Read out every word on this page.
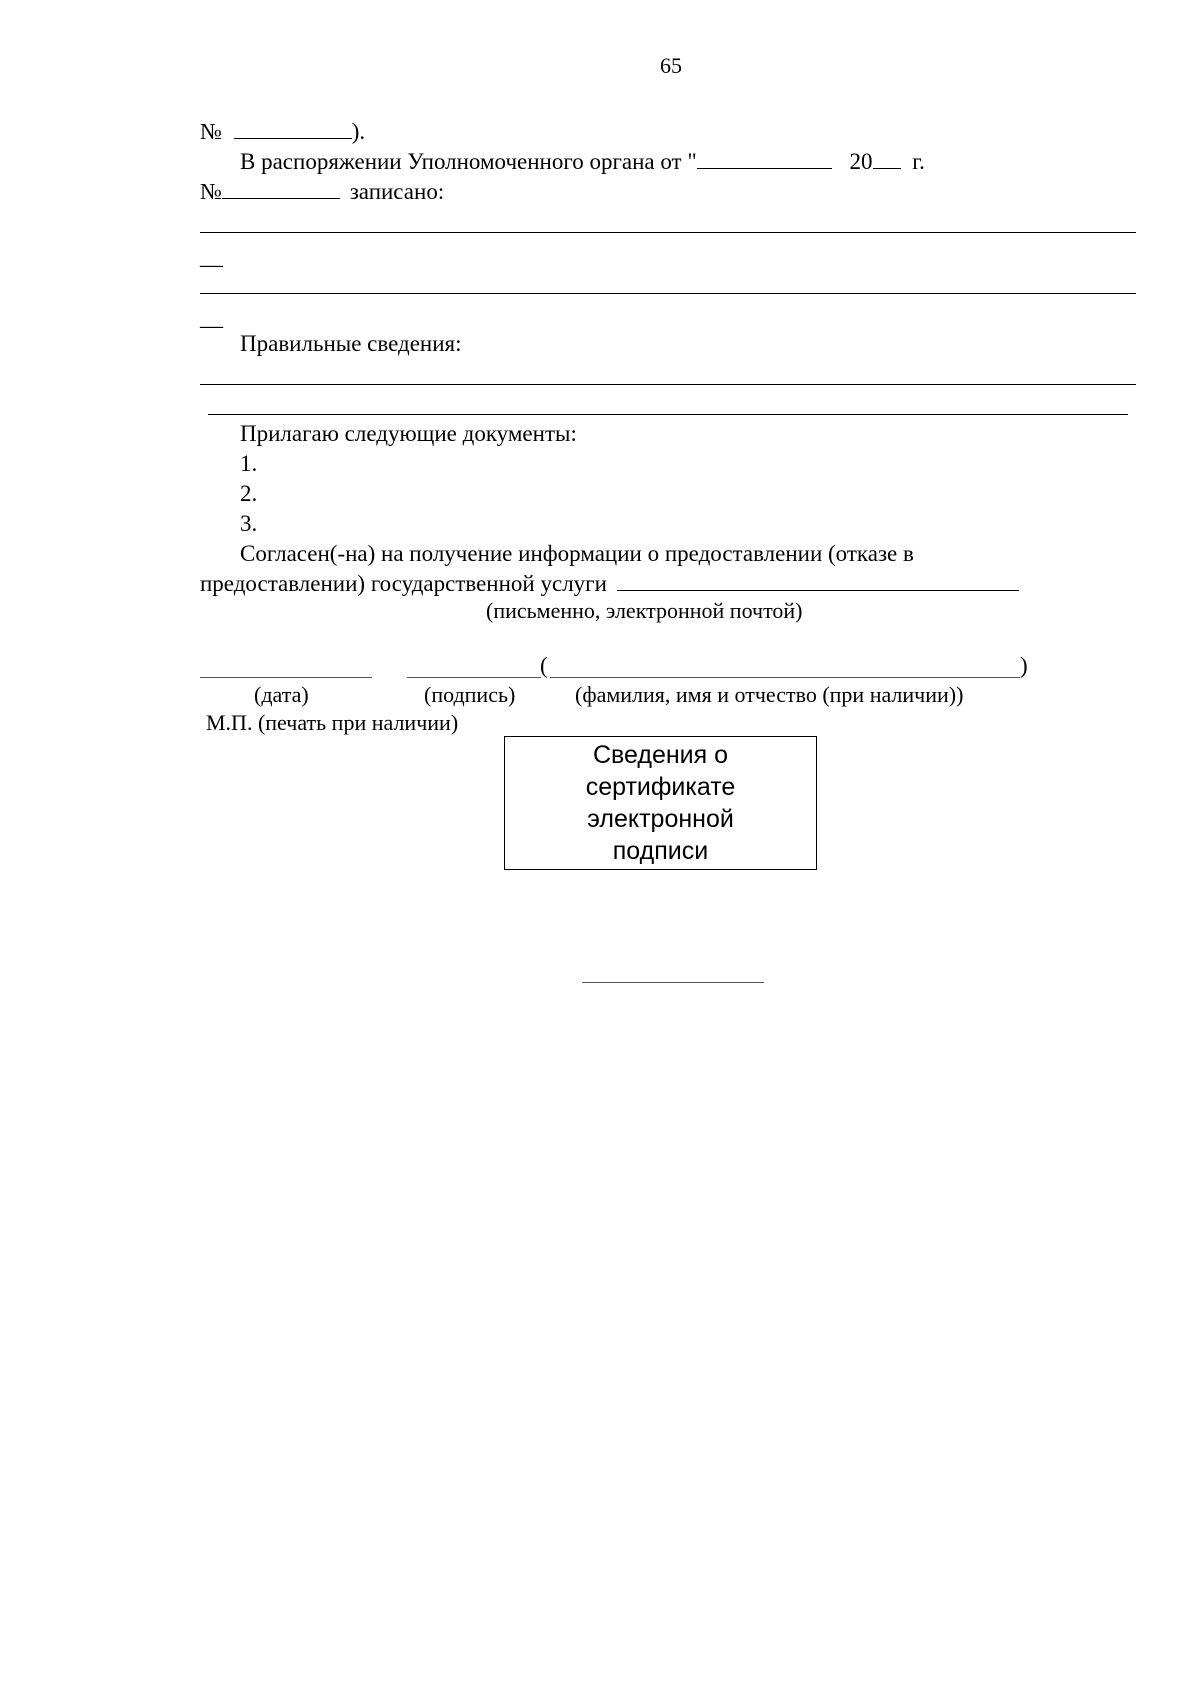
65
№	).
В распоряжении Уполномоченного органа от "	20 г.
№	записано:
__
__
Правильные сведения:
Прилагаю следующие документы:
1.
2.
3.
Согласен(-на) на получение информации о предоставлении (отказе в
предоставлении) государственной услуги
(письменно, электронной почтой)
(	)
(дата)	(подпись)	(фамилия, имя и отчество (при наличии))
М.П. (печать при наличии)
Сведения о
сертификате
электронной
подписи
